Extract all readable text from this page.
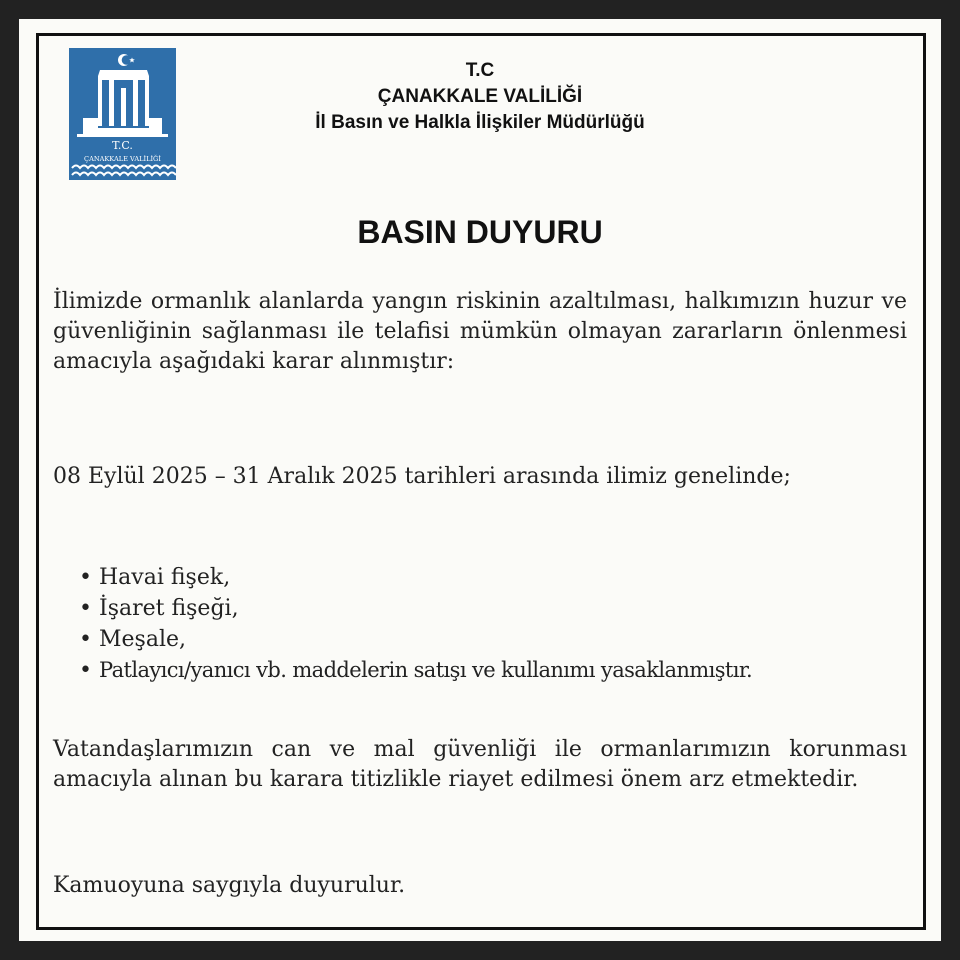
T.C.
ÇANAKKALE VALİLİĞİ
T.C
ÇANAKKALE VALİLİĞİ
İl Basın ve Halkla İlişkiler Müdürlüğü
BASIN DUYURU
İlimizde ormanlık alanlarda yangın riskinin azaltılması, halkımızın huzur ve güvenliğinin sağlanması ile telafisi mümkün olmayan zararların önlenmesi amacıyla aşağıdaki karar alınmıştır:
08 Eylül 2025 – 31 Aralık 2025 tarihleri arasında ilimiz genelinde;
• Havai fişek,
• İşaret fişeği,
• Meşale,
• Patlayıcı/yanıcı vb. maddelerin satışı ve kullanımı yasaklanmıştır.
Vatandaşlarımızın can ve mal güvenliği ile ormanlarımızın korunması amacıyla alınan bu karara titizlikle riayet edilmesi önem arz etmektedir.
Kamuoyuna saygıyla duyurulur.
